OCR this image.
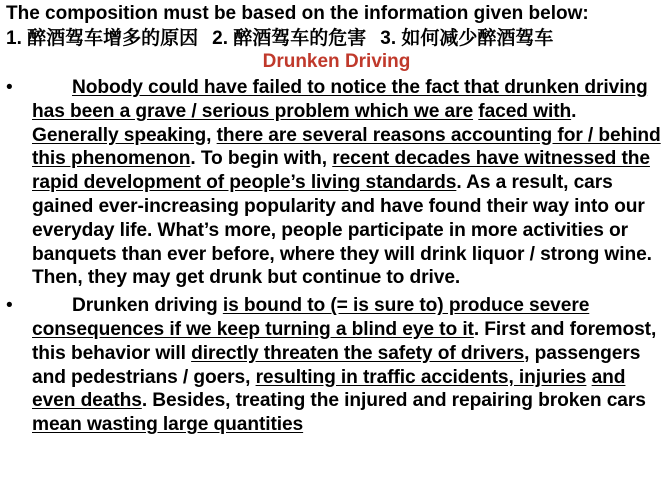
The composition must be based on the information given below:

1. 醉酒驾车增多的原因 2. 醉酒驾车的危害 3. 如何减少醉酒驾车

Drunken Driving

•	Nobody could have failed to notice the fact that drunken driving has been a grave / serious problem which we are faced with. Generally speaking, there are several reasons accounting for / behind this phenomenon. To begin with, recent decades have witnessed the rapid development of people’s living standards. As a result, cars gained ever-increasing popularity and have found their way into our everyday life. What’s more, people participate in more activities or banquets than ever before, where they will drink liquor / strong wine. Then, they may get drunk but continue to drive.
•	Drunken driving is bound to (= is sure to) produce severe consequences if we keep turning a blind eye to it. First and foremost, this behavior will directly threaten the safety of drivers, passengers and pedestrians / goers, resulting in traffic accidents, injuries and even deaths. Besides, treating the injured and repairing broken cars mean wasting large quantities
